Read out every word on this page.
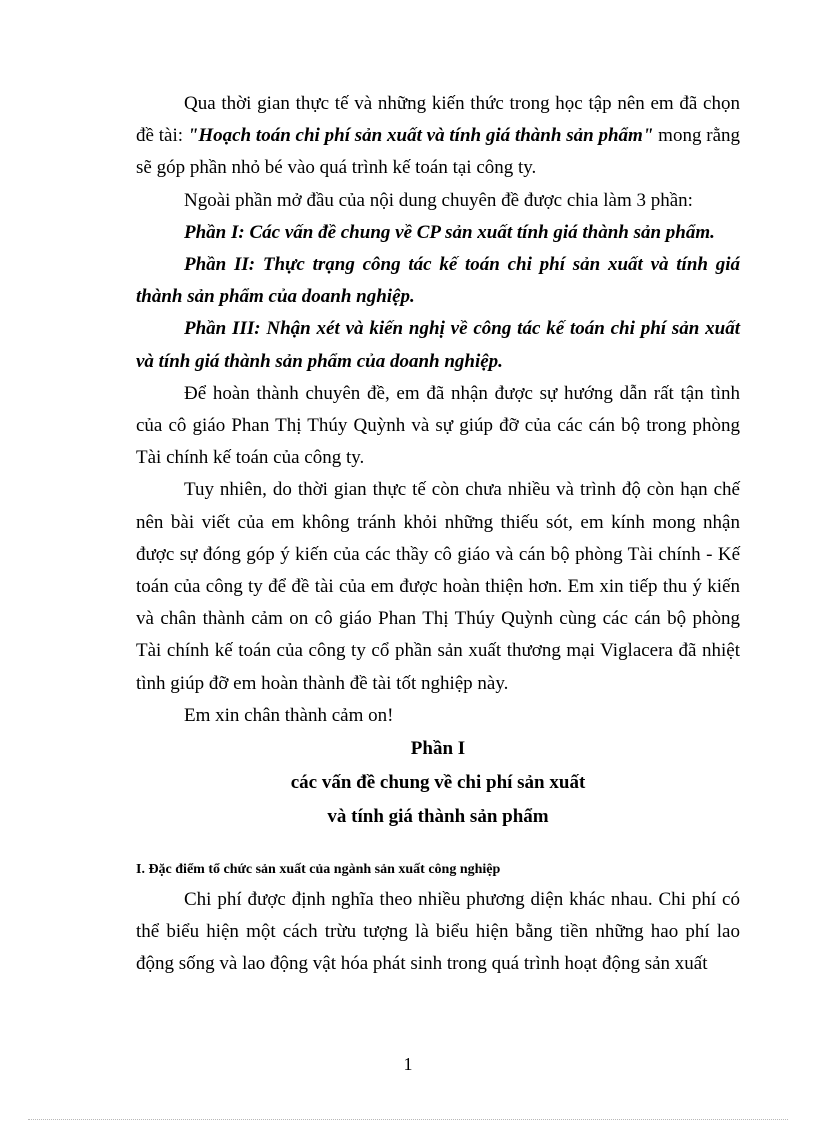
Qua thời gian thực tế và những kiến thức trong học tập nên em đã chọn đề tài: "Hoạch toán chi phí sản xuất và tính giá thành sản phẩm" mong rằng sẽ góp phần nhỏ bé vào quá trình kế toán tại công ty.

Ngoài phần mở đầu của nội dung chuyên đề được chia làm 3 phần:

Phần I: Các vấn đề chung về CP sản xuất tính giá thành sản phẩm.

Phần II: Thực trạng công tác kế toán chi phí sản xuất và tính giá thành sản phẩm của doanh nghiệp.

Phần III: Nhận xét và kiến nghị về công tác kế toán chi phí sản xuất và tính giá thành sản phẩm của doanh nghiệp.

Để hoàn thành chuyên đề, em đã nhận được sự hướng dẫn rất tận tình của cô giáo Phan Thị Thúy Quỳnh và sự giúp đỡ của các cán bộ trong phòng Tài chính kế toán của công ty.

Tuy nhiên, do thời gian thực tế còn chưa nhiều và trình độ còn hạn chế nên bài viết của em không tránh khỏi những thiếu sót, em kính mong nhận được sự đóng góp ý kiến của các thầy cô giáo và cán bộ phòng Tài chính - Kế toán của công ty để đề tài của em được hoàn thiện hơn. Em xin tiếp thu ý kiến và chân thành cảm on cô giáo Phan Thị Thúy Quỳnh cùng các cán bộ phòng Tài chính kế toán của công ty cổ phần sản xuất thương mại Viglacera đã nhiệt tình giúp đỡ em hoàn thành đề tài tốt nghiệp này.

Em xin chân thành cảm on!

Phần I
các vấn đề chung về chi phí sản xuất
và tính giá thành sản phẩm
I. Đặc điểm tổ chức sản xuất của ngành sản xuất công nghiệp

Chi phí được định nghĩa theo nhiều phương diện khác nhau. Chi phí có thể biểu hiện một cách trừu tượng là biểu hiện bằng tiền những hao phí lao động sống và lao động vật hóa phát sinh trong quá trình hoạt động sản xuất

1
